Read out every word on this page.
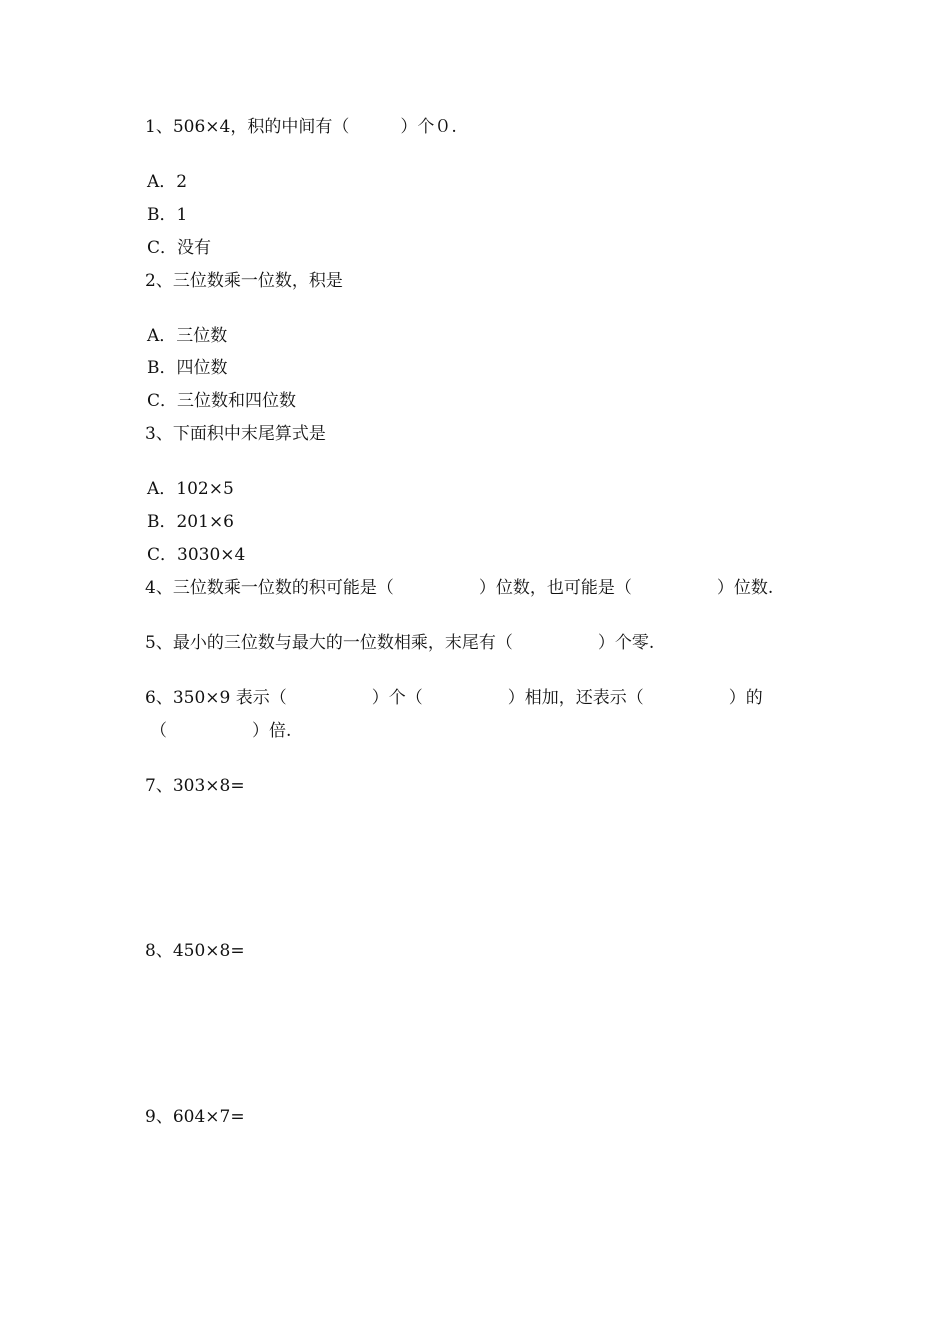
1、506×4，积的中间有（　　　）个０.
A．2
B．1
C．没有
2、三位数乘一位数，积是
A．三位数
B．四位数
C．三位数和四位数
3、下面积中末尾算式是
A．102×5
B．201×6
C．3030×4
4、三位数乘一位数的积可能是（　　　　　）位数，也可能是（　　　　　）位数.
5、最小的三位数与最大的一位数相乘，末尾有（　　　　　）个零.
6、350×9 表示（　　　　　）个（　　　　　）相加，还表示（　　　　　）的
（　　　　　）倍.
7、303×8=
8、450×8=
9、604×7=
